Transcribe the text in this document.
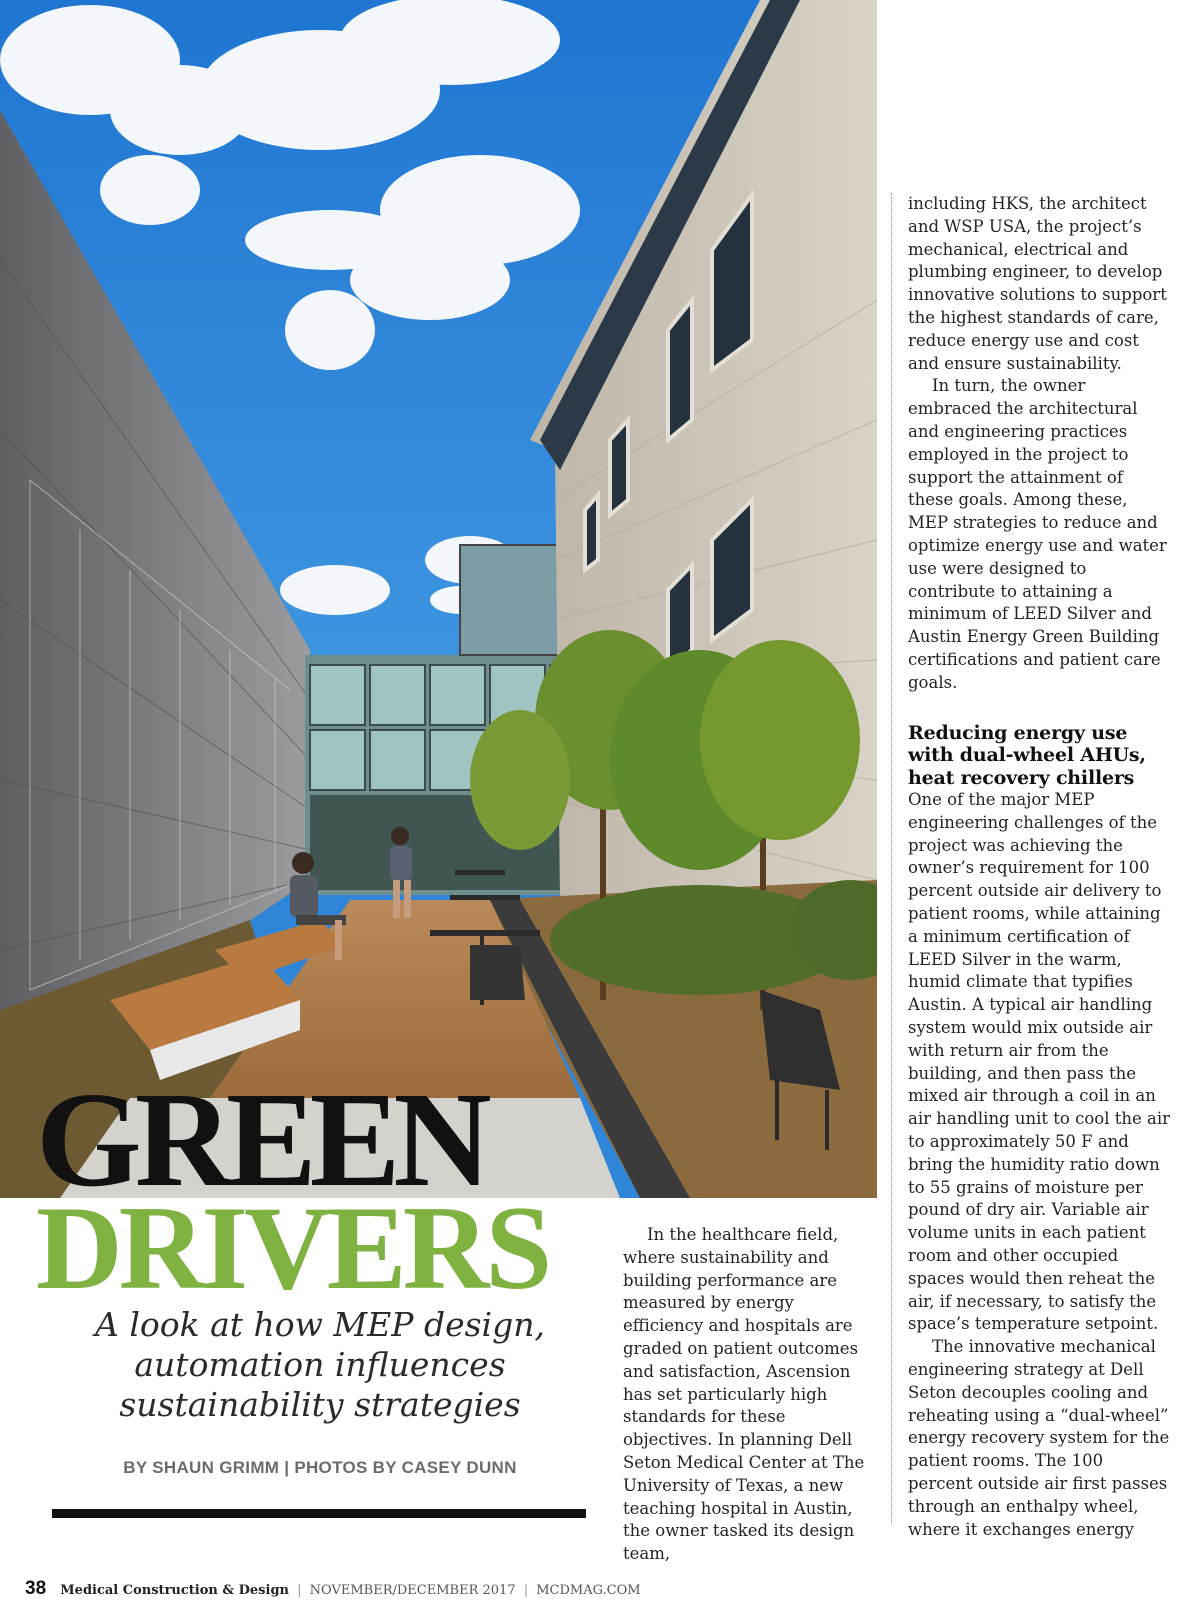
GREEN
DRIVERS
A look at how MEP design, automation influences sustainability strategies
BY SHAUN GRIMM | PHOTOS BY CASEY DUNN

In the healthcare field, where sustainability and building performance are measured by energy efficiency and hospitals are graded on patient outcomes and satisfaction, Ascension has set particularly high standards for these objectives. In planning Dell Seton Medical Center at The University of Texas, a new teaching hospital in Austin, the owner tasked its design team,

including HKS, the architect and WSP USA, the project’s mechanical, electrical and plumbing engineer, to develop innovative solutions to support the highest standards of care, reduce energy use and cost and ensure sustainability.

In turn, the owner embraced the architectural and engineering practices employed in the project to support the attainment of these goals. Among these, MEP strategies to reduce and optimize energy use and water use were designed to contribute to attaining a minimum of LEED Silver and Austin Energy Green Building certifications and patient care goals.

Reducing energy use with dual-wheel AHUs, heat recovery chillers

One of the major MEP engineering challenges of the project was achieving the owner’s requirement for 100 percent outside air delivery to patient rooms, while attaining a minimum certification of LEED Silver in the warm, humid climate that typifies Austin. A typical air handling system would mix outside air with return air from the building, and then pass the mixed air through a coil in an air handling unit to cool the air to approximately 50 F and bring the humidity ratio down to 55 grains of moisture per pound of dry air. Variable air volume units in each patient room and other occupied spaces would then reheat the air, if necessary, to satisfy the space’s temperature setpoint.

The innovative mechanical engineering strategy at Dell Seton decouples cooling and reheating using a “dual-wheel” energy recovery system for the patient rooms. The 100 percent outside air first passes through an enthalpy wheel, where it exchanges energy

38 Medical Construction & Design | NOVEMBER/DECEMBER 2017 | MCDMAG.COM
